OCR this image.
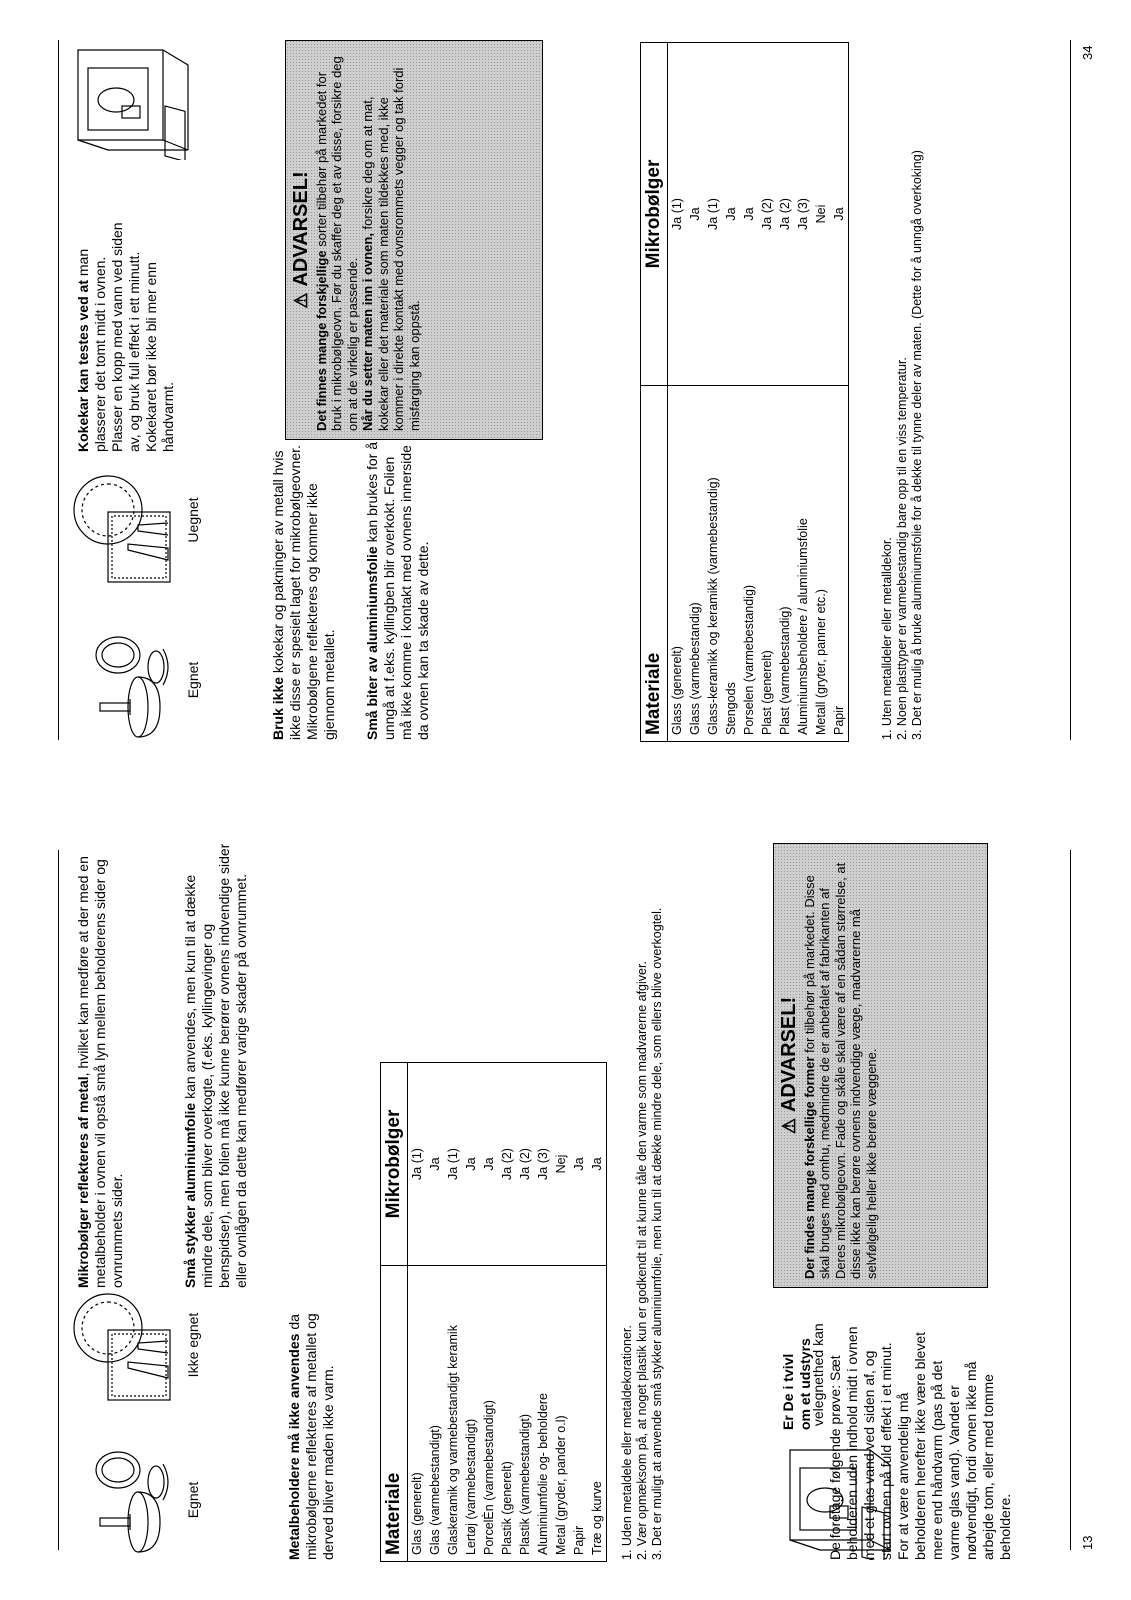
Egnet
Ikke egnet
Mikrobølger reflekteres af metal, hvilket kan medføre at der med en metalbeholder i ovnen vil opstå små lyn mellem beholderens sider og ovnrummets sider.	Små stykker aluminiumfolie kan anvendes, men kun til at dække mindre dele, som bliver overkogte, (f.eks. kyllingevinger og benspidser), men folien må ikke kunne berører ovnens indvendige sider eller ovnlågen da dette kan medfører varige skader på ovnrummet.
Metalbeholdere må ikke anvendes da mikrobølgerne reflekteres af metallet og derved bliver maden ikke varm. Materiale	Mikrobølger
Glas (generelt)	Ja (1)
Glas (varmebestandigt)	Ja
Glaskeramik og varmebestandigt keramik	Ja (1)
Lertøj (varmebestandigt)	Ja
PorcelÈn (varmebestandigt)	Ja
Plastik (generelt)	Ja (2)
Plastik (varmebestandigt)	Ja (2)
Aluminiumfolie og- beholdere	Ja (3)
Metal (gryder, pander o.l)	Nej
Papir	Ja
Træ og kurve	Ja
1. Uden metaldele eller metaldekorationer. 2. Vær opmæksom på, at noget plastik kun er godkendt til at kunne tåle den varme som madvarerne afgiver. 3. Det er muligt at anvende små stykker aluminiumfolie, men kun til at dække mindre dele, som ellers blive overkogtel.	Er De i tvivl om et udstyrs
velegnethed kan De foretage følgende prøve: Sæt beholderen uden indhold midt i ovnen med et glas vand ved siden af, og start ovnen på fuld effekt i et minut. For at være anvendelig må beholderen herefter ikke være blevet mere end håndvarm (pas på det varme glas vand). Vandet er nødvendigt, fordi ovnen ikke må arbejde tom, eller med tomme beholdere.
⚠ADVARSEL!
Der findes mange forskellige former for tilbehør på markedet. Disse skal bruges med omhu, medmindre de er anbefalet af fabrikanten af Deres mikrobølgeovn. Fade og skåle skal være af en sådan størrelse, at disse ikke kan berøre ovnens indvendige væge, madvarerne må selvfølgelig heller ikke berøre væggene.
13
Egnet
Uegnet
Kokekar kan testes ved at man plasserer det tomt midt i ovnen. Plasser en kopp med vann ved siden av, og bruk full effekt i ett minutt. Kokekaret bør ikke bli mer enn håndvarmt.
Bruk ikke kokekar og pakninger av metall hvis ikke disse er spesielt laget for mikrobølgeovner. Mikrobølgene reflekteres og kommer ikke gjennom metallet. Små biter av aluminiumsfolie kan brukes for å unngå at f.eks. kyllingben blir overkokt. Folien må ikke komme i kontakt med ovnens innerside da ovnen kan ta skade av dette.
⚠ADVARSEL!
Det finnes mange forskjellige sorter tilbehør på markedet for bruk i mikrobølgeovn. Før du skaffer deg et av disse, forsikre deg om at de virkelig er passende.
Når du setter maten inn i ovnen, forsikre deg om at mat, kokekar eller det materiale som maten tildekkes med, ikke kommer i direkte kontakt med ovnsrommets vegger og tak fordi misfarging kan oppstå.
Materiale	Mikrobølger
Glass (generelt)	Ja (1)
Glass (varmebestandig)	Ja
Glass-keramikk og keramikk (varmebestandig)	Ja (1)
Stengods	Ja
Porselen (varmebestandig)	Ja
Plast (generelt)	Ja (2)
Plast (varmebestandig)	Ja (2)
Aluminiumsbeholdere / aluminiumsfolie	Ja (3)
Metall (gryter, panner etc.)	Nei
Papir	Ja
1. Uten metalldeler eller metalldekor. 2. Noen plasttyper er varmebestandig bare opp til en viss temperatur. 3. Det er mulig å bruke aluminiumsfolie for å dekke til tynne deler av maten. (Dette for å unngå overkoking)
34
